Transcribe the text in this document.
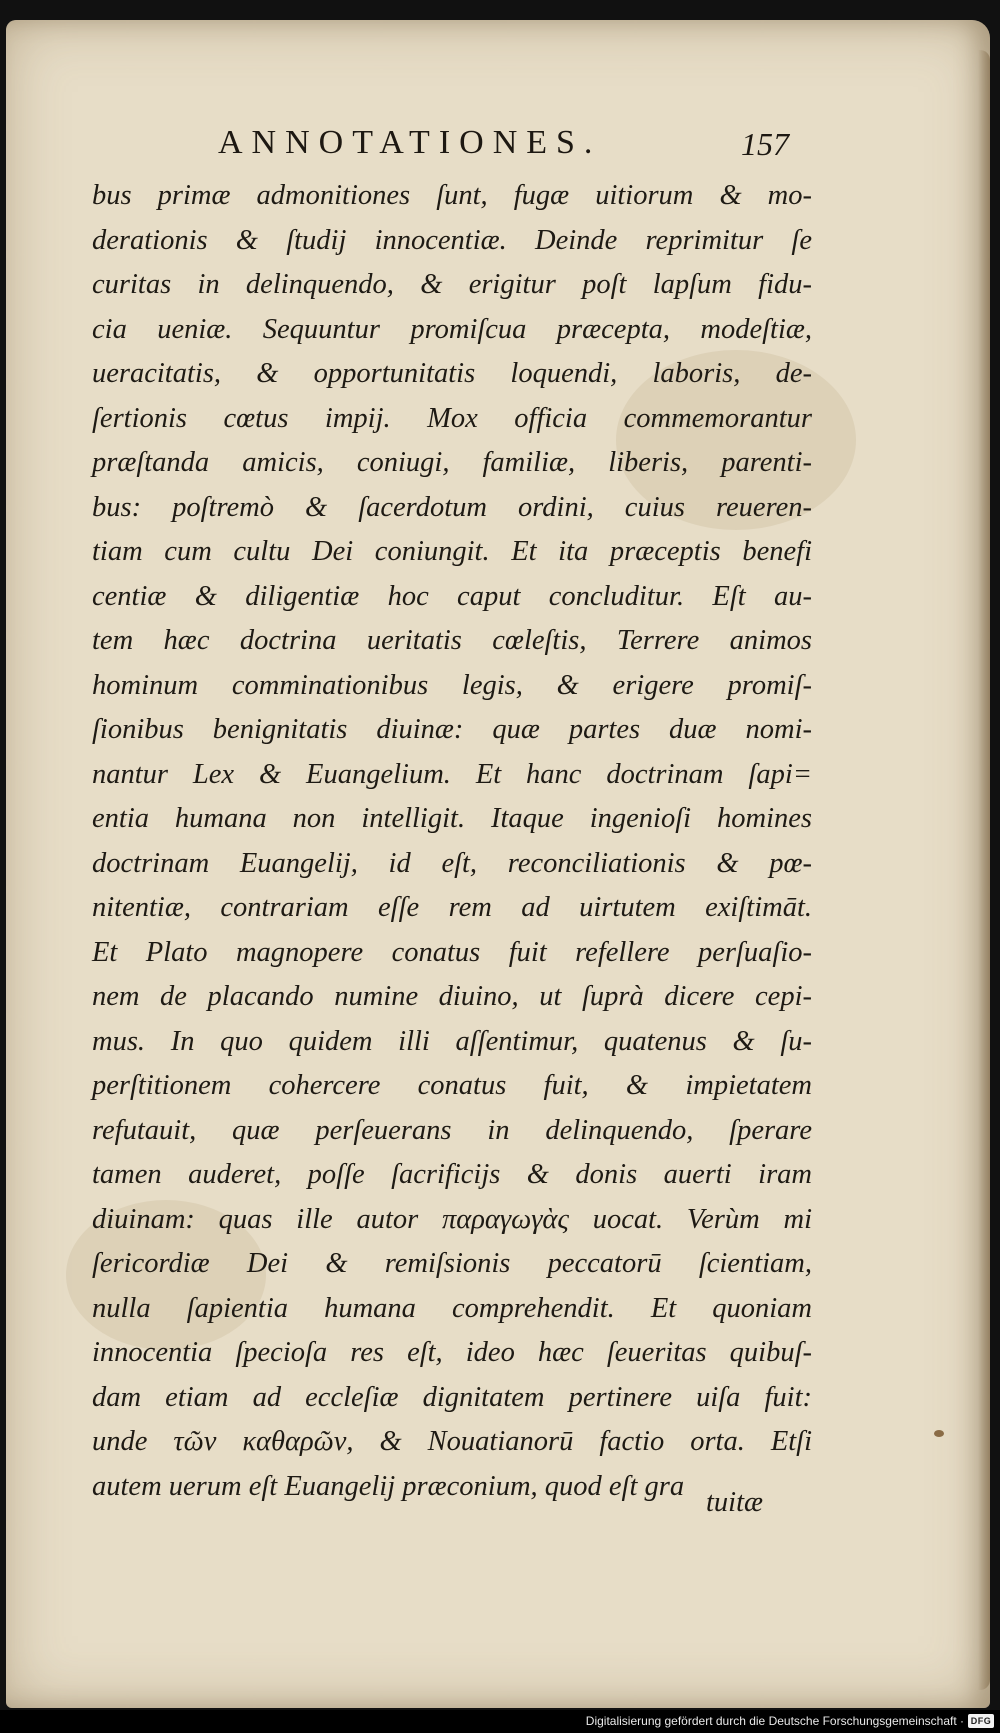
ANNOTATIONES.	157
bus primæ admonitiones ſunt, fugæ uitiorum & mo-
derationis & ſtudij innocentiæ. Deinde reprimitur ſe
curitas in delinquendo, & erigitur poſt lapſum fidu-
cia ueniæ. Sequuntur promiſcua præcepta, modeſtiæ,
ueracitatis, & opportunitatis loquendi, laboris, de-
ſertionis cœtus impij. Mox officia commemorantur
præſtanda amicis, coniugi, familiæ, liberis, parenti-
bus: poſtremò & ſacerdotum ordini, cuius reueren-
tiam cum cultu Dei coniungit. Et ita præceptis benefi
centiæ & diligentiæ hoc caput concluditur. Eſt au-
tem hæc doctrina ueritatis cœleſtis, Terrere animos
hominum comminationibus legis, & erigere promiſ-
ſionibus benignitatis diuinæ: quæ partes duæ nomi-
nantur Lex & Euangelium. Et hanc doctrinam ſapi=
entia humana non intelligit. Itaque ingenioſi homines
doctrinam Euangelij, id eſt, reconciliationis & pœ-
nitentiæ, contrariam eſſe rem ad uirtutem exiſtimāt.
Et Plato magnopere conatus fuit refellere perſuaſio-
nem de placando numine diuino, ut ſuprà dicere cepi-
mus. In quo quidem illi aſſentimur, quatenus & ſu-
perſtitionem cohercere conatus fuit, & impietatem
refutauit, quæ perſeuerans in delinquendo, ſperare
tamen auderet, poſſe ſacrificijs & donis auerti iram
diuinam: quas ille autor παραγωγὰς uocat. Verùm mi
ſericordiæ Dei & remiſsionis peccatorū ſcientiam,
nulla ſapientia humana comprehendit. Et quoniam
innocentia ſpecioſa res eſt, ideo hæc ſeueritas quibuſ-
dam etiam ad eccleſiæ dignitatem pertinere uiſa fuit:
unde τῶν καθαρῶν, & Nouatianorū factio orta. Etſi
autem uerum eſt Euangelij præconium, quod eſt gra
tuitæ
Digitalisierung gefördert durch die Deutsche Forschungsgemeinschaft · DFG
